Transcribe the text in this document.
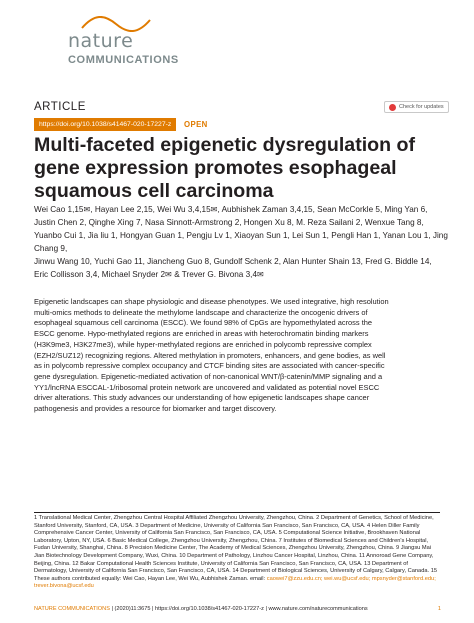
nature
COMMUNICATIONS
ARTICLE	Check for updates
https://doi.org/10.1038/s41467-020-17227-z	OPEN
Multi-faceted epigenetic dysregulation of gene expression promotes esophageal squamous cell carcinoma
Wei Cao 1,15✉, Hayan Lee 2,15, Wei Wu 3,4,15✉, Aubhishek Zaman 3,4,15, Sean McCorkle 5, Ming Yan 6,
Justin Chen 2, Qinghe Xing 7, Nasa Sinnott-Armstrong 2, Hongen Xu 8, M. Reza Sailani 2, Wenxue Tang 8,
Yuanbo Cui 1, Jia liu 1, Hongyan Guan 1, Pengju Lv 1, Xiaoyan Sun 1, Lei Sun 1, Pengli Han 1, Yanan Lou 1, Jing Chang 9,
Jinwu Wang 10, Yuchi Gao 11, Jiancheng Guo 8, Gundolf Schenk 2, Alan Hunter Shain 13, Fred G. Biddle 14,
Eric Collisson 3,4, Michael Snyder 2✉ & Trever G. Bivona 3,4✉

Epigenetic landscapes can shape physiologic and disease phenotypes. We used integrative, high resolution multi-omics methods to delineate the methylome landscape and characterize the oncogenic drivers of esophageal squamous cell carcinoma (ESCC). We found 98% of CpGs are hypomethylated across the ESCC genome. Hypo-methylated regions are enriched in areas with heterochromatin binding markers (H3K9me3, H3K27me3), while hyper-methylated regions are enriched in polycomb repressive complex (EZH2/SUZ12) recognizing regions. Altered methylation in promoters, enhancers, and gene bodies, as well as in polycomb repressive complex occupancy and CTCF binding sites are associated with cancer-specific gene dysregulation. Epigenetic-mediated activation of non-canonical WNT/β-catenin/MMP signaling and a YY1/lncRNA ESCCAL-1/ribosomal protein network are uncovered and validated as potential novel ESCC driver alterations. This study advances our understanding of how epigenetic landscapes shape cancer pathogenesis and provides a resource for biomarker and target discovery.

1 Translational Medical Center, Zhengzhou Central Hospital Affiliated Zhengzhou University, Zhengzhou, China. 2 Department of Genetics, School of Medicine, Stanford University, Stanford, CA, USA. 3 Department of Medicine, University of California San Francisco, San Francisco, CA, USA. 4 Helen Diller Family Comprehensive Cancer Center, University of California San Francisco, San Francisco, CA, USA. 5 Computational Science Initiative, Brookhaven National Laboratory, Upton, NY, USA. 6 Basic Medical College, Zhengzhou University, Zhengzhou, China. 7 Institutes of Biomedical Sciences and Children's Hospital, Fudan University, Shanghai, China. 8 Precision Medicine Center, The Academy of Medical Sciences, Zhengzhou University, Zhengzhou, China. 9 Jiangsu Mai Jian Biotechnology Development Company, Wuxi, China. 10 Department of Pathology, Linzhou Cancer Hospital, Linzhou, China. 11 Annoroad Gene Company, Beijing, China. 12 Bakar Computational Health Sciences Institute, University of California San Francisco, San Francisco, CA, USA. 13 Department of Dermatology, University of California San Francisco, San Francisco, CA, USA. 14 Department of Biological Sciences, University of Calgary, Calgary, Canada. 15 These authors contributed equally: Wei Cao, Hayan Lee, Wei Wu, Aubhishek Zaman. email: caowei7@zzu.edu.cn; wei.wu@ucsf.edu; mpsnyder@stanford.edu; trever.bivona@ucsf.edu
NATURE COMMUNICATIONS | (2020)11:3675 | https://doi.org/10.1038/s41467-020-17227-z | www.nature.com/naturecommunications	1
